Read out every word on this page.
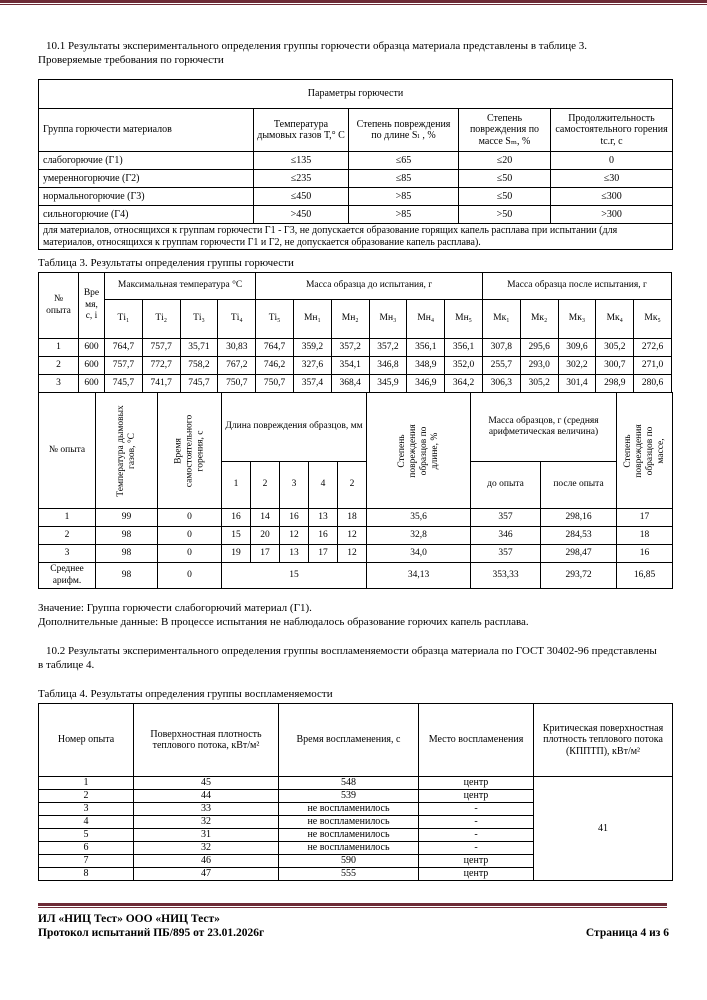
10.1 Результаты экспериментального определения группы горючести образца материала представлены в таблице 3.

Проверяемые требования по горючести

Параметры горючести				
Группа горючести материалов	Температура дымовых газов Т,° С	Степень повреждения по длине Sₗ , %	Степень повреждения по массе Sₘ, %	Продолжительность самостоятельного горения tс.г, с
слабогорючие (Г1)	≤135	≤65	≤20	0
умеренногорючие (Г2)	≤235	≤85	≤50	≤30
нормальногорючие (Г3)	≤450	>85	≤50	≤300
сильногорючие (Г4)	>450	>85	>50	>300
для материалов, относящихся к группам горючести Г1 - Г3, не допускается образование горящих капель расплава при испытании (для материалов, относящихся к группам горючести Г1 и Г2, не допускается образование капель расплава).				

Таблица 3. Результаты определения группы горючести

№ опыта	Время, с, i	Максимальная температура °С				Масса образца до испытания, г						Масса образца после испытания, г				
		Тi₁	Тi₂	Тi₃	Тi₄	Тi₅	Мн₁	Мн₂	Мн₃	Мн₄	Мн₅	Мк₁	Мк₂	Мк₃	Мк₄	Мк₅
1	600	764,7	757,7	35,71	30,83	764,7	359,2	357,2	357,2	356,1	356,1	307,8	295,6	309,6	305,2	272,6
2	600	757,7	772,7	758,2	767,2	746,2	327,6	354,1	346,8	348,9	352,0	255,7	293,0	302,2	300,7	271,0
3	600	745,7	741,7	745,7	750,7	750,7	357,4	368,4	345,9	346,9	364,2	306,3	305,2	301,4	298,9	280,6
№ опыта	Температура дымовых газов, °С	Время самостоятельного горения, с	Длина повреждения образцов, мм					Степень повреждения образцов по длине, %	Масса образцов, г (средняя арифметическая величина)		Степень повреждения образцов по массе,

			1	2	3	4	2		до опыта	после опыта	
1	99	0	16	14	16	13	18	35,6	357	298,16	17
2	98	0	15	20	12	16	12	32,8	346	284,53	18
3	98	0	19	17	13	17	12	34,0	357	298,47	16
Среднее арифм.	98	0	15					34,13	353,33	293,72	16,85

Значение: Группа горючести слабогорючий материал (Г1).

Дополнительные данные: В процессе испытания не наблюдалось образование горючих капель расплава.

10.2 Результаты экспериментального определения группы воспламеняемости образца материала по ГОСТ 30402-96 представлены в таблице 4.

Таблица 4. Результаты определения группы воспламеняемости

Номер опыта	Поверхностная плотность теплового потока, кВт/м²	Время воспламенения, с	Место воспламенения	Критическая поверхностная плотность теплового потока (КППТП), кВт/м²
1	45	548	центр	41
2	44	539	центр	
3	33	не воспламенилось	-	
4	32	не воспламенилось	-	
5	31	не воспламенилось	-	
6	32	не воспламенилось	-	
7	46	590	центр	
8	47	555	центр	
ИЛ «НИЦ Тест» ООО «НИЦ Тест»
Протокол испытаний ПБ/895 от 23.01.2026г	Страница 4 из 6
